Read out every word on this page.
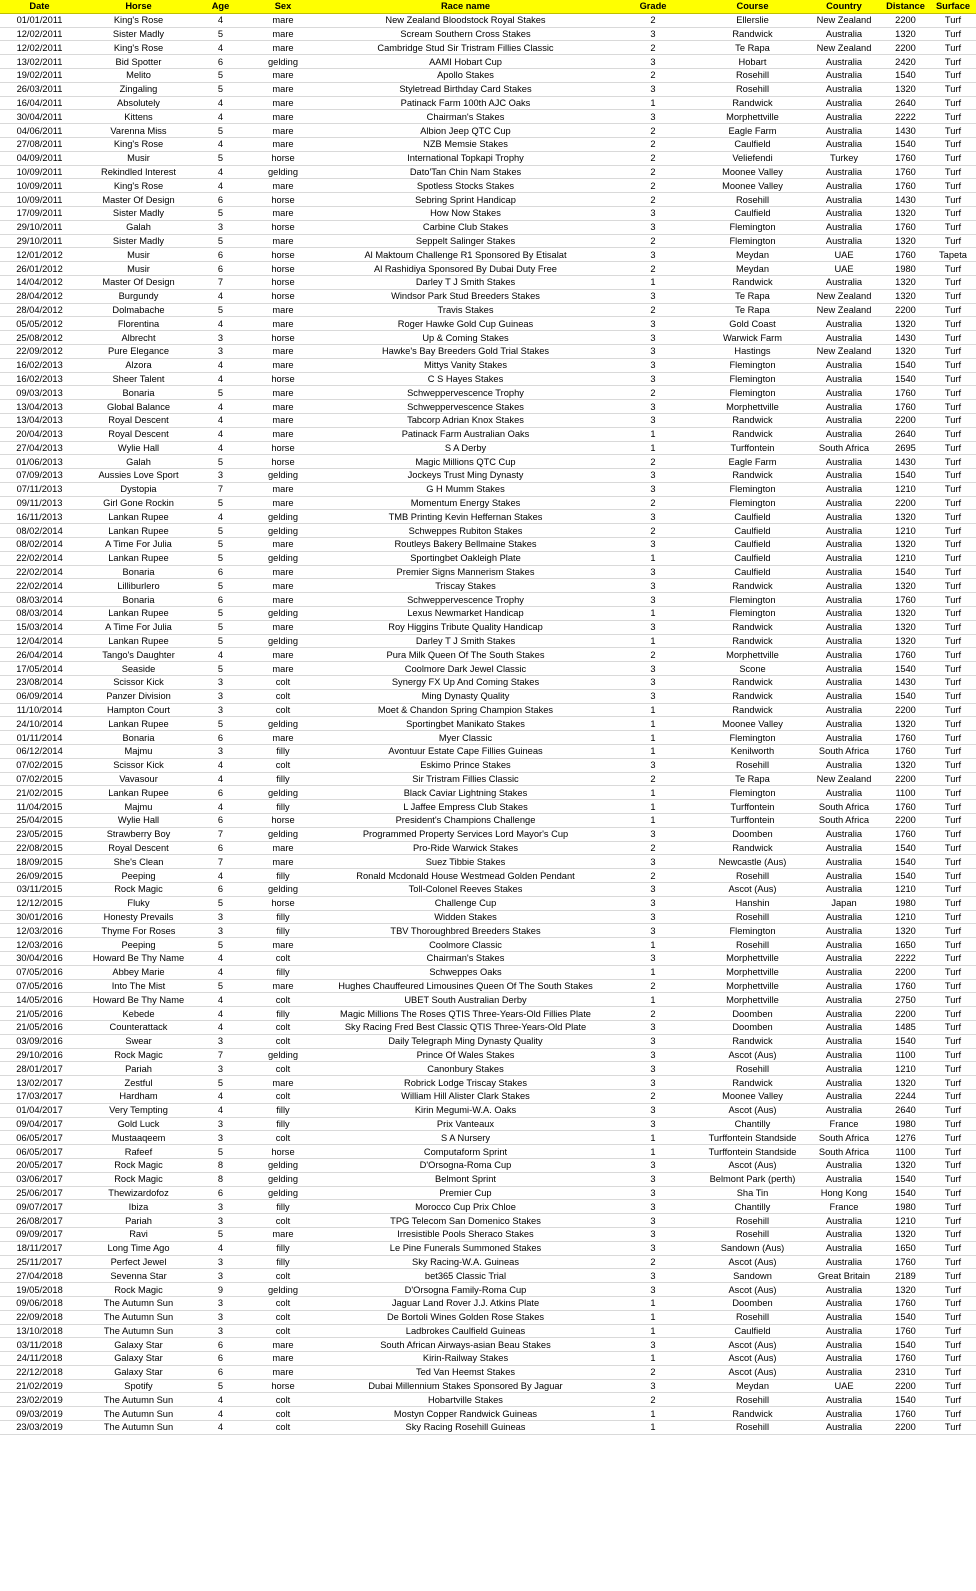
Date	Horse	Age	Sex	Race name	Grade	Course	Country	Distance	Surface
01/01/2011	King's Rose	4	mare	New Zealand Bloodstock Royal Stakes	2	Ellerslie	New Zealand	2200	Turf
12/02/2011	Sister Madly	5	mare	Scream Southern Cross Stakes	3	Randwick	Australia	1320	Turf
12/02/2011	King's Rose	4	mare	Cambridge Stud Sir Tristram Fillies Classic	2	Te Rapa	New Zealand	2200	Turf
13/02/2011	Bid Spotter	6	gelding	AAMI Hobart Cup	3	Hobart	Australia	2420	Turf
19/02/2011	Melito	5	mare	Apollo Stakes	2	Rosehill	Australia	1540	Turf
26/03/2011	Zingaling	5	mare	Styletread Birthday Card Stakes	3	Rosehill	Australia	1320	Turf
16/04/2011	Absolutely	4	mare	Patinack Farm 100th AJC Oaks	1	Randwick	Australia	2640	Turf
30/04/2011	Kittens	4	mare	Chairman's Stakes	3	Morphettville	Australia	2222	Turf
04/06/2011	Varenna Miss	5	mare	Albion Jeep QTC Cup	2	Eagle Farm	Australia	1430	Turf
27/08/2011	King's Rose	4	mare	NZB Memsie Stakes	2	Caulfield	Australia	1540	Turf
04/09/2011	Musir	5	horse	International Topkapi Trophy	2	Veliefendi	Turkey	1760	Turf
10/09/2011	Rekindled Interest	4	gelding	Dato'Tan Chin Nam Stakes	2	Moonee Valley	Australia	1760	Turf
10/09/2011	King's Rose	4	mare	Spotless Stocks Stakes	2	Moonee Valley	Australia	1760	Turf
10/09/2011	Master Of Design	6	horse	Sebring Sprint Handicap	2	Rosehill	Australia	1430	Turf
17/09/2011	Sister Madly	5	mare	How Now Stakes	3	Caulfield	Australia	1320	Turf
29/10/2011	Galah	3	horse	Carbine Club Stakes	3	Flemington	Australia	1760	Turf
29/10/2011	Sister Madly	5	mare	Seppelt Salinger Stakes	2	Flemington	Australia	1320	Turf
12/01/2012	Musir	6	horse	Al Maktoum Challenge R1 Sponsored By Etisalat	3	Meydan	UAE	1760	Tapeta
26/01/2012	Musir	6	horse	Al Rashidiya Sponsored By Dubai Duty Free	2	Meydan	UAE	1980	Turf
14/04/2012	Master Of Design	7	horse	Darley T J Smith Stakes	1	Randwick	Australia	1320	Turf
28/04/2012	Burgundy	4	horse	Windsor Park Stud Breeders Stakes	3	Te Rapa	New Zealand	1320	Turf
28/04/2012	Dolmabache	5	mare	Travis Stakes	2	Te Rapa	New Zealand	2200	Turf
05/05/2012	Florentina	4	mare	Roger Hawke Gold Cup Guineas	3	Gold Coast	Australia	1320	Turf
25/08/2012	Albrecht	3	horse	Up & Coming Stakes	3	Warwick Farm	Australia	1430	Turf
22/09/2012	Pure Elegance	3	mare	Hawke's Bay Breeders Gold Trial Stakes	3	Hastings	New Zealand	1320	Turf
16/02/2013	Alzora	4	mare	Mittys Vanity Stakes	3	Flemington	Australia	1540	Turf
16/02/2013	Sheer Talent	4	horse	C S Hayes Stakes	3	Flemington	Australia	1540	Turf
09/03/2013	Bonaria	5	mare	Schweppervescence Trophy	2	Flemington	Australia	1760	Turf
13/04/2013	Global Balance	4	mare	Schweppervescence Stakes	3	Morphettville	Australia	1760	Turf
13/04/2013	Royal Descent	4	mare	Tabcorp Adrian Knox Stakes	3	Randwick	Australia	2200	Turf
20/04/2013	Royal Descent	4	mare	Patinack Farm Australian Oaks	1	Randwick	Australia	2640	Turf
27/04/2013	Wylie Hall	4	horse	S A Derby	1	Turffontein	South Africa	2695	Turf
01/06/2013	Galah	5	horse	Magic Millions QTC Cup	2	Eagle Farm	Australia	1430	Turf
07/09/2013	Aussies Love Sport	3	gelding	Jockeys Trust Ming Dynasty	3	Randwick	Australia	1540	Turf
07/11/2013	Dystopia	7	mare	G H Mumm Stakes	3	Flemington	Australia	1210	Turf
09/11/2013	Girl Gone Rockin	5	mare	Momentum Energy Stakes	2	Flemington	Australia	2200	Turf
16/11/2013	Lankan Rupee	4	gelding	TMB Printing Kevin Heffernan Stakes	3	Caulfield	Australia	1320	Turf
08/02/2014	Lankan Rupee	5	gelding	Schweppes Rubiton Stakes	2	Caulfield	Australia	1210	Turf
08/02/2014	A Time For Julia	5	mare	Routleys Bakery Bellmaine Stakes	3	Caulfield	Australia	1320	Turf
22/02/2014	Lankan Rupee	5	gelding	Sportingbet Oakleigh Plate	1	Caulfield	Australia	1210	Turf
22/02/2014	Bonaria	6	mare	Premier Signs Mannerism Stakes	3	Caulfield	Australia	1540	Turf
22/02/2014	Lilliburlero	5	mare	Triscay Stakes	3	Randwick	Australia	1320	Turf
08/03/2014	Bonaria	6	mare	Schweppervescence Trophy	3	Flemington	Australia	1760	Turf
08/03/2014	Lankan Rupee	5	gelding	Lexus Newmarket Handicap	1	Flemington	Australia	1320	Turf
15/03/2014	A Time For Julia	5	mare	Roy Higgins Tribute Quality Handicap	3	Randwick	Australia	1320	Turf
12/04/2014	Lankan Rupee	5	gelding	Darley T J Smith Stakes	1	Randwick	Australia	1320	Turf
26/04/2014	Tango's Daughter	4	mare	Pura Milk Queen Of The South Stakes	2	Morphettville	Australia	1760	Turf
17/05/2014	Seaside	5	mare	Coolmore Dark Jewel Classic	3	Scone	Australia	1540	Turf
23/08/2014	Scissor Kick	3	colt	Synergy FX Up And Coming Stakes	3	Randwick	Australia	1430	Turf
06/09/2014	Panzer Division	3	colt	Ming Dynasty Quality	3	Randwick	Australia	1540	Turf
11/10/2014	Hampton Court	3	colt	Moet & Chandon Spring Champion Stakes	1	Randwick	Australia	2200	Turf
24/10/2014	Lankan Rupee	5	gelding	Sportingbet Manikato Stakes	1	Moonee Valley	Australia	1320	Turf
01/11/2014	Bonaria	6	mare	Myer Classic	1	Flemington	Australia	1760	Turf
06/12/2014	Majmu	3	filly	Avontuur Estate Cape Fillies Guineas	1	Kenilworth	South Africa	1760	Turf
07/02/2015	Scissor Kick	4	colt	Eskimo Prince Stakes	3	Rosehill	Australia	1320	Turf
07/02/2015	Vavasour	4	filly	Sir Tristram Fillies Classic	2	Te Rapa	New Zealand	2200	Turf
21/02/2015	Lankan Rupee	6	gelding	Black Caviar Lightning Stakes	1	Flemington	Australia	1100	Turf
11/04/2015	Majmu	4	filly	L Jaffee Empress Club Stakes	1	Turffontein	South Africa	1760	Turf
25/04/2015	Wylie Hall	6	horse	President's Champions Challenge	1	Turffontein	South Africa	2200	Turf
23/05/2015	Strawberry Boy	7	gelding	Programmed Property Services Lord Mayor's Cup	3	Doomben	Australia	1760	Turf
22/08/2015	Royal Descent	6	mare	Pro-Ride Warwick Stakes	2	Randwick	Australia	1540	Turf
18/09/2015	She's Clean	7	mare	Suez Tibbie Stakes	3	Newcastle (Aus)	Australia	1540	Turf
26/09/2015	Peeping	4	filly	Ronald Mcdonald House Westmead Golden Pendant	2	Rosehill	Australia	1540	Turf
03/11/2015	Rock Magic	6	gelding	Toll-Colonel Reeves Stakes	3	Ascot (Aus)	Australia	1210	Turf
12/12/2015	Fluky	5	horse	Challenge Cup	3	Hanshin	Japan	1980	Turf
30/01/2016	Honesty Prevails	3	filly	Widden Stakes	3	Rosehill	Australia	1210	Turf
12/03/2016	Thyme For Roses	3	filly	TBV Thoroughbred Breeders Stakes	3	Flemington	Australia	1320	Turf
12/03/2016	Peeping	5	mare	Coolmore Classic	1	Rosehill	Australia	1650	Turf
30/04/2016	Howard Be Thy Name	4	colt	Chairman's Stakes	3	Morphettville	Australia	2222	Turf
07/05/2016	Abbey Marie	4	filly	Schweppes Oaks	1	Morphettville	Australia	2200	Turf
07/05/2016	Into The Mist	5	mare	Hughes Chauffeured Limousines Queen Of The South Stakes	2	Morphettville	Australia	1760	Turf
14/05/2016	Howard Be Thy Name	4	colt	UBET South Australian Derby	1	Morphettville	Australia	2750	Turf
21/05/2016	Kebede	4	filly	Magic Millions The Roses QTIS Three-Years-Old Fillies Plate	2	Doomben	Australia	2200	Turf
21/05/2016	Counterattack	4	colt	Sky Racing Fred Best Classic QTIS Three-Years-Old Plate	3	Doomben	Australia	1485	Turf
03/09/2016	Swear	3	colt	Daily Telegraph Ming Dynasty Quality	3	Randwick	Australia	1540	Turf
29/10/2016	Rock Magic	7	gelding	Prince Of Wales Stakes	3	Ascot (Aus)	Australia	1100	Turf
28/01/2017	Pariah	3	colt	Canonbury Stakes	3	Rosehill	Australia	1210	Turf
13/02/2017	Zestful	5	mare	Robrick Lodge Triscay Stakes	3	Randwick	Australia	1320	Turf
17/03/2017	Hardham	4	colt	William Hill Alister Clark Stakes	2	Moonee Valley	Australia	2244	Turf
01/04/2017	Very Tempting	4	filly	Kirin Megumi-W.A. Oaks	3	Ascot (Aus)	Australia	2640	Turf
09/04/2017	Gold Luck	3	filly	Prix Vanteaux	3	Chantilly	France	1980	Turf
06/05/2017	Mustaaqeem	3	colt	S A Nursery	1	Turffontein Standside	South Africa	1276	Turf
06/05/2017	Rafeef	5	horse	Computaform Sprint	1	Turffontein Standside	South Africa	1100	Turf
20/05/2017	Rock Magic	8	gelding	D'Orsogna-Roma Cup	3	Ascot (Aus)	Australia	1320	Turf
03/06/2017	Rock Magic	8	gelding	Belmont Sprint	3	Belmont Park (perth)	Australia	1540	Turf
25/06/2017	Thewizardofoz	6	gelding	Premier Cup	3	Sha Tin	Hong Kong	1540	Turf
09/07/2017	Ibiza	3	filly	Morocco Cup Prix Chloe	3	Chantilly	France	1980	Turf
26/08/2017	Pariah	3	colt	TPG Telecom San Domenico Stakes	3	Rosehill	Australia	1210	Turf
09/09/2017	Ravi	5	mare	Irresistible Pools Sheraco Stakes	3	Rosehill	Australia	1320	Turf
18/11/2017	Long Time Ago	4	filly	Le Pine Funerals Summoned Stakes	3	Sandown (Aus)	Australia	1650	Turf
25/11/2017	Perfect Jewel	3	filly	Sky Racing-W.A. Guineas	2	Ascot (Aus)	Australia	1760	Turf
27/04/2018	Sevenna Star	3	colt	bet365 Classic Trial	3	Sandown	Great Britain	2189	Turf
19/05/2018	Rock Magic	9	gelding	D'Orsogna Family-Roma Cup	3	Ascot (Aus)	Australia	1320	Turf
09/06/2018	The Autumn Sun	3	colt	Jaguar Land Rover J.J. Atkins Plate	1	Doomben	Australia	1760	Turf
22/09/2018	The Autumn Sun	3	colt	De Bortoli Wines Golden Rose Stakes	1	Rosehill	Australia	1540	Turf
13/10/2018	The Autumn Sun	3	colt	Ladbrokes Caulfield Guineas	1	Caulfield	Australia	1760	Turf
03/11/2018	Galaxy Star	6	mare	South African Airways-asian Beau Stakes	3	Ascot (Aus)	Australia	1540	Turf
24/11/2018	Galaxy Star	6	mare	Kirin-Railway Stakes	1	Ascot (Aus)	Australia	1760	Turf
22/12/2018	Galaxy Star	6	mare	Ted Van Heemst Stakes	2	Ascot (Aus)	Australia	2310	Turf
21/02/2019	Spotify	5	horse	Dubai Millennium Stakes Sponsored By Jaguar	3	Meydan	UAE	2200	Turf
23/02/2019	The Autumn Sun	4	colt	Hobartville Stakes	2	Rosehill	Australia	1540	Turf
09/03/2019	The Autumn Sun	4	colt	Mostyn Copper Randwick Guineas	1	Randwick	Australia	1760	Turf
23/03/2019	The Autumn Sun	4	colt	Sky Racing Rosehill Guineas	1	Rosehill	Australia	2200	Turf
